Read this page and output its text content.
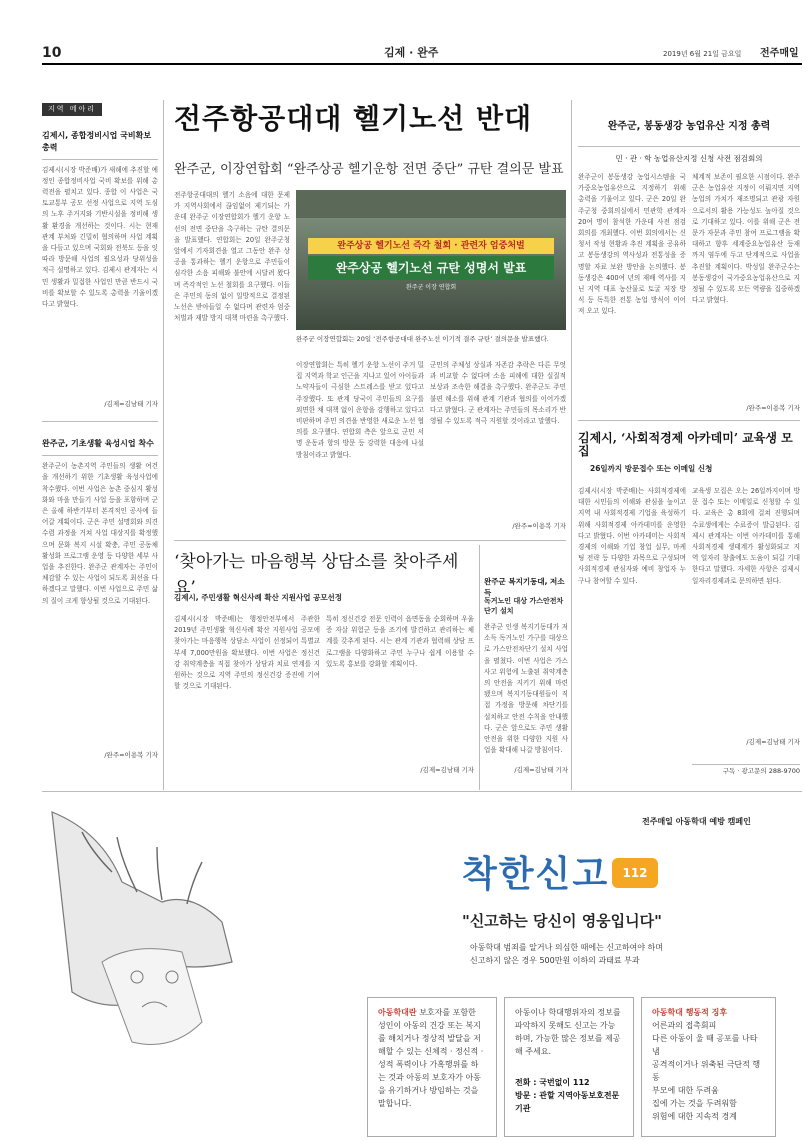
10	김제 · 완주	2019년 6월 21일 금요일 전주매일
지역 메아리
김제시, 종합정비시업 국비확보 총력
김제시(시장 박준배)가 새해에 추진할 예정인 종합정비사업 국비 확보를 위해 총력전을 펼치고 있다. 종합 이 사업은 국토교통부 공모 선정 사업으로 지역 도심의 노후 주거지와 기반시설을 정비해 생활 환경을 개선하는 것이다. 시는 현재 관계 부처와 긴밀히 협의하며 사업 계획을 다듬고 있으며 국회와 전북도 등을 잇따라 방문해 사업의 필요성과 당위성을 적극 설명하고 있다. 김제시 관계자는 시민 생활과 밀접한 사업인 만큼 반드시 국비를 확보할 수 있도록 총력을 기울이겠다고 밝혔다.
/김제=김남태 기자
완주군, 기초생활 육성시업 착수
완주군이 농촌지역 주민들의 생활 여건을 개선하기 위한 기초생활 육성사업에 착수했다. 이번 사업은 농촌 중심지 활성화와 마을 만들기 사업 등을 포함하며 군은 올해 하반기부터 본격적인 공사에 들어갈 계획이다. 군은 주민 설명회와 의견 수렴 과정을 거쳐 사업 대상지를 확정했으며 문화 복지 시설 확충, 주민 공동체 활성화 프로그램 운영 등 다양한 세부 사업을 추진한다. 완주군 관계자는 주민이 체감할 수 있는 사업이 되도록 최선을 다하겠다고 말했다. 이번 사업으로 주민 삶의 질이 크게 향상될 것으로 기대된다.
/완주=이용복 기자
전주항공대대 헬기노선 반대
완주군, 이장연합회 “완주상공 헬기운항 전면 중단” 규탄 결의문 발표
전주항공대대의 헬기 소음에 대한 문제가 지역사회에서 끊임없이 제기되는 가운데 완주군 이장연합회가 헬기 운항 노선의 전면 중단을 촉구하는 규탄 결의문을 발표했다. 연합회는 20일 완주군청 앞에서 기자회견을 열고 그동안 완주 상공을 통과하는 헬기 운항으로 주민들이 심각한 소음 피해와 불안에 시달려 왔다며 즉각적인 노선 철회를 요구했다. 이들은 주민의 동의 없이 일방적으로 결정된 노선은 받아들일 수 없다며 관련자 엄중 처벌과 재발 방지 대책 마련을 촉구했다.
완주상공 헬기노선 즉각 철회 · 관련자 엄중처벌
완주상공 헬기노선 규탄 성명서 발표
완주군 이장 연합회
완주군 이장연합회는 20일 ‘전주항공대대 완주노선 이기적 결주 규탄’ 결의문을 발표했다.
이장연합회는 특히 헬기 운항 노선이 주거 밀집 지역과 학교 인근을 지나고 있어 아이들과 노약자들이 극심한 스트레스를 받고 있다고 주장했다. 또 관계 당국이 주민들의 요구를 외면한 채 대책 없이 운항을 강행하고 있다고 비판하며 주민 의견을 반영한 새로운 노선 협의를 요구했다. 연합회 측은 앞으로 군민 서명 운동과 항의 방문 등 강력한 대응에 나설 방침이라고 밝혔다.
군민의 주체성 상실과 자존감 추락은 다른 무엇과 비교할 수 없다며 소음 피해에 대한 실질적 보상과 조속한 해결을 촉구했다. 완주군도 주민 불편 해소를 위해 관계 기관과 협의를 이어가겠다고 밝혔다. 군 관계자는 주민들의 목소리가 반영될 수 있도록 적극 지원할 것이라고 말했다.
/완주=이용복 기자
완주군, 봉동생강 농업유산 지정 총력
민 · 관 · 학 농업유산지정 신청 사전 점검회의
완주군이 봉동생강 농업시스템을 국가중요농업유산으로 지정하기 위해 총력을 기울이고 있다. 군은 20일 완주군청 중회의실에서 민관학 관계자 20여 명이 참석한 가운데 사전 점검회의를 개최했다. 이번 회의에서는 신청서 작성 현황과 추진 계획을 공유하고 봉동생강의 역사성과 전통성을 증명할 자료 보완 방안을 논의했다. 봉동생강은 400여 년의 재배 역사를 지닌 지역 대표 농산물로 토굴 저장 방식 등 독특한 전통 농업 방식이 이어져 오고 있다.
체계적 보존이 필요한 시점이다. 완주군은 농업유산 지정이 이뤄지면 지역 농업의 가치가 재조명되고 관광 자원으로서의 활용 가능성도 높아질 것으로 기대하고 있다. 이를 위해 군은 전문가 자문과 주민 참여 프로그램을 확대하고 향후 세계중요농업유산 등재까지 염두에 두고 단계적으로 사업을 추진할 계획이다. 박성일 완주군수는 봉동생강이 국가중요농업유산으로 지정될 수 있도록 모든 역량을 집중하겠다고 밝혔다.
/완주=이용복 기자
김제시, ‘사회적경제 아카데미’ 교육생 모집
26일까지 방문접수 또는 이메일 신청
김제시(시장 박준배)는 사회적경제에 대한 시민들의 이해와 관심을 높이고 지역 내 사회적경제 기업을 육성하기 위해 사회적경제 아카데미를 운영한다고 밝혔다. 이번 아카데미는 사회적경제의 이해와 기업 창업 실무, 마케팅 전략 등 다양한 과목으로 구성되며 사회적경제 관심자와 예비 창업자 누구나 참여할 수 있다.
교육생 모집은 오는 26일까지이며 방문 접수 또는 이메일로 신청할 수 있다. 교육은 총 8회에 걸쳐 진행되며 수료생에게는 수료증이 발급된다. 김제시 관계자는 이번 아카데미를 통해 사회적경제 생태계가 활성화되고 지역 일자리 창출에도 도움이 되길 기대한다고 말했다. 자세한 사항은 김제시 일자리경제과로 문의하면 된다.
/김제=김남태 기자
구독 · 광고문의 288-9700
‘찾아가는 마음행복 상담소를 찾아주세요’
김제시, 주민생활 혁신사례 확산 지원사업 공모선정
김제시(시장 박준배)는 행정안전부에서 주관한 2019년 주민생활 혁신사례 확산 지원사업 공모에 찾아가는 마음행복 상담소 사업이 선정되어 특별교부세 7,000만원을 확보했다. 이번 사업은 정신건강 취약계층을 직접 찾아가 상담과 치료 연계를 지원하는 것으로 지역 주민의 정신건강 증진에 기여할 것으로 기대된다.
특히 정신건강 전문 인력이 읍면동을 순회하며 우울증 자살 위험군 등을 조기에 발견하고 관리하는 체계를 갖추게 된다. 시는 관계 기관과 협력해 상담 프로그램을 다양화하고 주민 누구나 쉽게 이용할 수 있도록 홍보를 강화할 계획이다.
/김제=김남태 기자
완주군 복지기동대, 저소득
독거노인 대상 가스안전차단기 설치
완주군 인생 복지기동대가 저소득 독거노인 가구를 대상으로 가스안전차단기 설치 사업을 펼쳤다. 이번 사업은 가스 사고 위험에 노출된 취약계층의 안전을 지키기 위해 마련됐으며 복지기동대원들이 직접 가정을 방문해 차단기를 설치하고 안전 수칙을 안내했다. 군은 앞으로도 주민 생활 안전을 위한 다양한 지원 사업을 확대해 나갈 방침이다.
/김제=김남태 기자
전주매일 아동학대 예방 캠페인
착한신고	112
"신고하는 당신이 영웅입니다"
아동학대 범죄를 알거나 의심한 때에는 신고하여야 하며
신고하지 않은 경우 500만원 이하의 과태료 부과
아동학대란 보호자를 포함한 성인이 아동의 건강 또는 복지를 해치거나 정상적 발달을 저해할 수 있는 신체적 · 정신적 · 성적 폭력이나 가혹행위를 하는 것과 아동의 보호자가 아동을 유기하거나 방임하는 것을 말합니다.
아동이나 학대행위자의 정보를 파악하지 못해도 신고는 가능하며, 가능한 많은 정보를 제공해 주세요.
전화 : 국번없이 112
방문 : 관할 지역아동보호전문기관
아동학대 행동적 징후
어른과의 접촉회피
다른 아동이 울 때 공포를 나타냄
공격적이거나 위축된 극단적 행동
부모에 대한 두려움
집에 가는 것을 두려워함
위험에 대한 지속적 경계
